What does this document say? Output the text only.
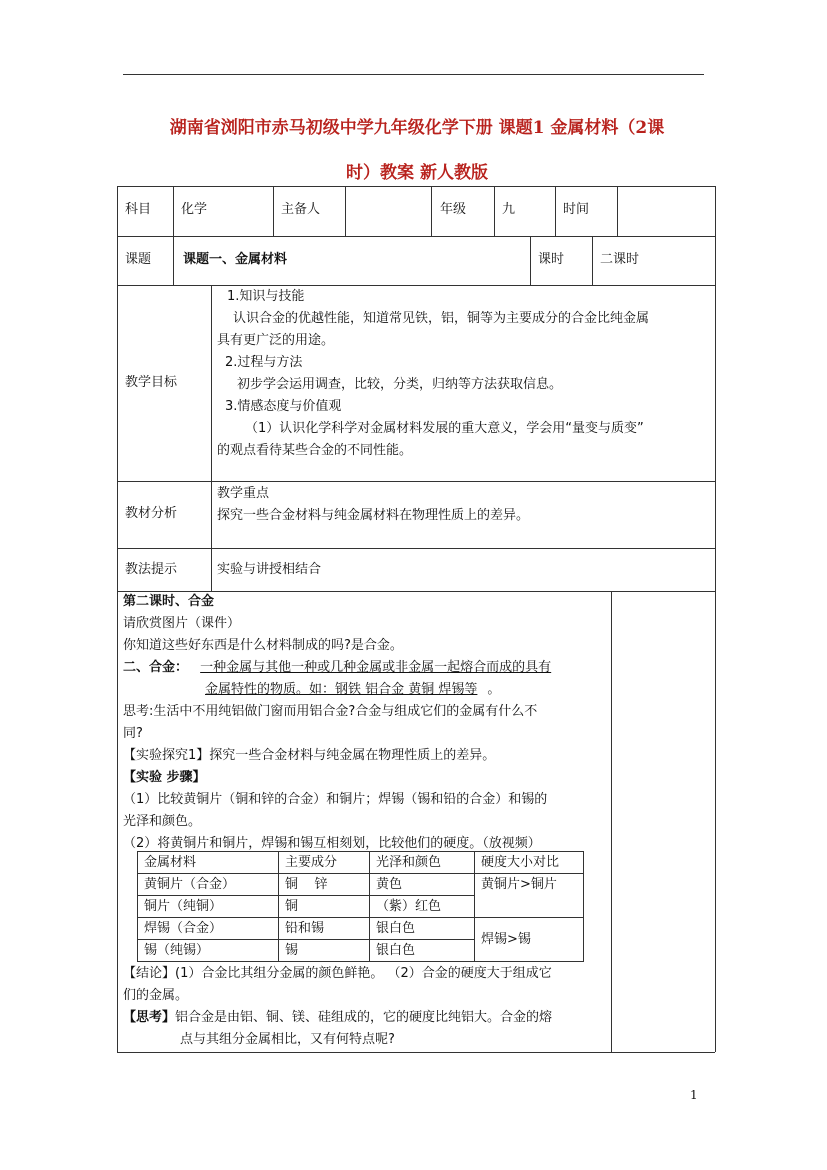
湖南省浏阳市赤马初级中学九年级化学下册 课题1 金属材料（2课
时）教案 新人教版
科目 化学	主备人	年级	九	时间
课题 课题一、金属材料	课时	二课时
教学目标
1.知识与技能
认识合金的优越性能，知道常见铁，铝，铜等为主要成分的合金比纯金属
具有更广泛的用途。
2.过程与方法
初步学会运用调查，比较，分类，归纳等方法获取信息。
3.情感态度与价值观
（1）认识化学科学对金属材料发展的重大意义，学会用“量变与质变”
的观点看待某些合金的不同性能。
教材分析
教学重点
探究一些合金材料与纯金属材料在物理性质上的差异。
教法提示	实验与讲授相结合
第二课时、合金
请欣赏图片（课件）
你知道这些好东西是什么材料制成的吗?是合金。
二、合金： 一种金属与其他一种或几种金属或非金属一起熔合而成的具有
金属特性的物质。如：钢铁 铝合金 黄铜 焊锡等 。
思考:生活中不用纯铝做门窗而用铝合金?合金与组成它们的金属有什么不
同?
【实验探究1】探究一些合金材料与纯金属在物理性质上的差异。
【实验 步骤】
（1）比较黄铜片（铜和锌的合金）和铜片；焊锡（锡和铅的合金）和锡的
光泽和颜色。
（2）将黄铜片和铜片，焊锡和锡互相刻划，比较他们的硬度。（放视频）
金属材料	主要成分	光泽和颜色	硬度大小对比
黄铜片（合金）	铜    锌	黄色	黄铜片>铜片
铜片（纯铜）	铜	（紫）红色	
焊锡（合金）	铅和锡	银白色	焊锡>锡
锡（纯锡）	锡	银白色	
【结论】(1）合金比其组分金属的颜色鲜艳。 （2）合金的硬度大于组成它
们的金属。
【思考】铝合金是由铝、铜、镁、硅组成的，它的硬度比纯铝大。合金的熔
点与其组分金属相比，又有何特点呢?
1
